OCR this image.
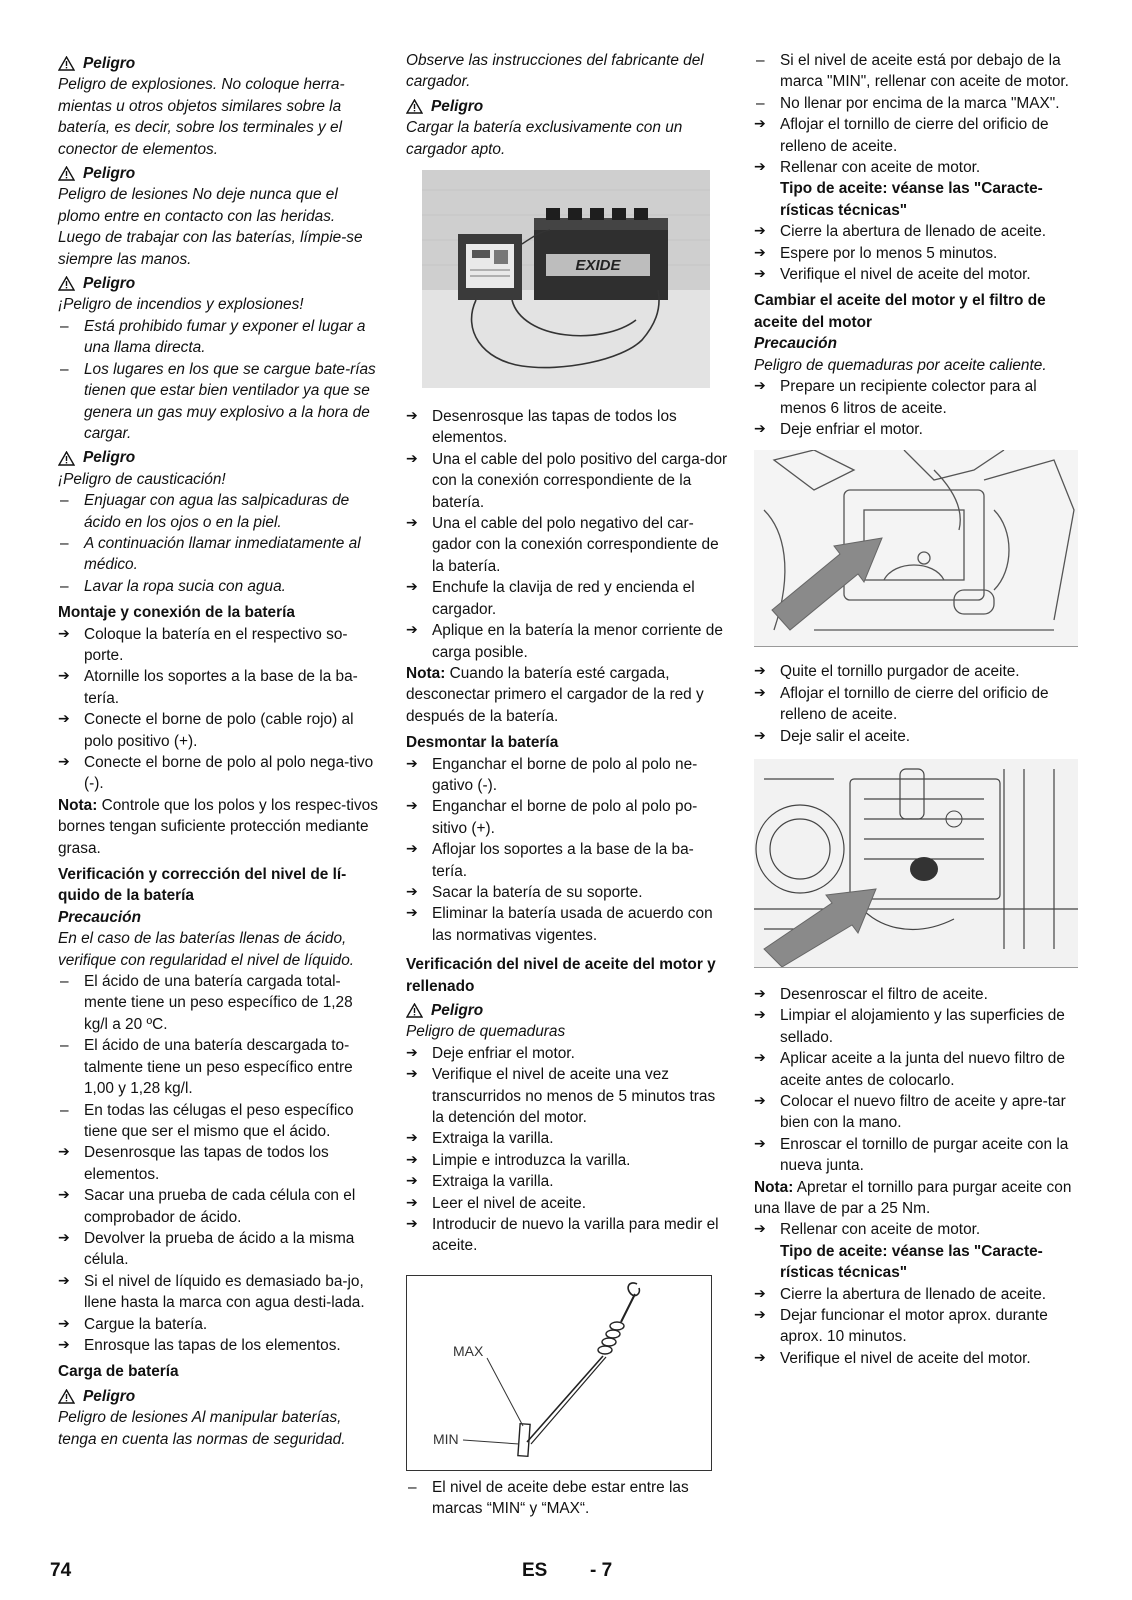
Peligro
Peligro de explosiones. No coloque herra-mientas u otros objetos similares sobre la batería, es decir, sobre los terminales y el conector de elementos.
Peligro
Peligro de lesiones No deje nunca que el plomo entre en contacto con las heridas. Luego de trabajar con las baterías, límpie-se siempre las manos.
Peligro
¡Peligro de incendios y explosiones!
– Está prohibido fumar y exponer el lugar a una llama directa.
– Los lugares en los que se cargue bate-rías tienen que estar bien ventilador ya que se genera un gas muy explosivo a la hora de cargar.
Peligro
¡Peligro de causticación!
– Enjuagar con agua las salpicaduras de ácido en los ojos o en la piel.
– A continuación llamar inmediatamente al médico.
– Lavar la ropa sucia con agua.
Montaje y conexión de la batería
➔ Coloque la batería en el respectivo so-porte.
➔ Atornille los soportes a la base de la ba-tería.
➔ Conecte el borne de polo (cable rojo) al polo positivo (+).
➔ Conecte el borne de polo al polo nega-tivo (-).
Nota: Controle que los polos y los respec-tivos bornes tengan suficiente protección mediante grasa.
Verificación y corrección del nivel de lí-quido de la batería
Precaución
En el caso de las baterías llenas de ácido, verifique con regularidad el nivel de líquido.
– El ácido de una batería cargada total-mente tiene un peso específico de 1,28 kg/l a 20 ºC.
– El ácido de una batería descargada to-talmente tiene un peso específico entre 1,00 y 1,28 kg/l.
– En todas las célugas el peso específico tiene que ser el mismo que el ácido.
➔ Desenrosque las tapas de todos los elementos.
➔ Sacar una prueba de cada célula con el comprobador de ácido.
➔ Devolver la prueba de ácido a la misma célula.
➔ Si el nivel de líquido es demasiado ba-jo, llene hasta la marca con agua desti-lada.
➔ Cargue la batería.
➔ Enrosque las tapas de los elementos.
Carga de batería
Peligro
Peligro de lesiones Al manipular baterías, tenga en cuenta las normas de seguridad.
Observe las instrucciones del fabricante del cargador.
Peligro
Cargar la batería exclusivamente con un cargador apto.
EXIDE
➔ Desenrosque las tapas de todos los elementos.
➔ Una el cable del polo positivo del carga-dor con la conexión correspondiente de la batería.
➔ Una el cable del polo negativo del car-gador con la conexión correspondiente de la batería.
➔ Enchufe la clavija de red y encienda el cargador.
➔ Aplique en la batería la menor corriente de carga posible.
Nota: Cuando la batería esté cargada, desconectar primero el cargador de la red y después de la batería.
Desmontar la batería
➔ Enganchar el borne de polo al polo ne-gativo (-).
➔ Enganchar el borne de polo al polo po-sitivo (+).
➔ Aflojar los soportes a la base de la ba-tería.
➔ Sacar la batería de su soporte.
➔ Eliminar la batería usada de acuerdo con las normativas vigentes.
Verificación del nivel de aceite del motor y rellenado
Peligro
Peligro de quemaduras
➔ Deje enfriar el motor.
➔ Verifique el nivel de aceite una vez transcurridos no menos de 5 minutos tras la detención del motor.
➔ Extraiga la varilla.
➔ Limpie e introduzca la varilla.
➔ Extraiga la varilla.
➔ Leer el nivel de aceite.
➔ Introducir de nuevo la varilla para medir el aceite.
MAX
MIN
– El nivel de aceite debe estar entre las marcas “MIN“ y “MAX“.
– Si el nivel de aceite está por debajo de la marca "MIN", rellenar con aceite de motor.
– No llenar por encima de la marca "MAX".
➔ Aflojar el tornillo de cierre del orificio de relleno de aceite.
➔ Rellenar con aceite de motor.
Tipo de aceite: véanse las "Caracte-rísticas técnicas"
➔ Cierre la abertura de llenado de aceite.
➔ Espere por lo menos 5 minutos.
➔ Verifique el nivel de aceite del motor.
Cambiar el aceite del motor y el filtro de aceite del motor
Precaución
Peligro de quemaduras por aceite caliente.
➔ Prepare un recipiente colector para al menos 6 litros de aceite.
➔ Deje enfriar el motor.
➔ Quite el tornillo purgador de aceite.
➔ Aflojar el tornillo de cierre del orificio de relleno de aceite.
➔ Deje salir el aceite.
➔ Desenroscar el filtro de aceite.
➔ Limpiar el alojamiento y las superficies de sellado.
➔ Aplicar aceite a la junta del nuevo filtro de aceite antes de colocarlo.
➔ Colocar el nuevo filtro de aceite y apre-tar bien con la mano.
➔ Enroscar el tornillo de purgar aceite con la nueva junta.
Nota: Apretar el tornillo para purgar aceite con una llave de par a 25 Nm.
➔ Rellenar con aceite de motor.
Tipo de aceite: véanse las "Caracte-rísticas técnicas"
➔ Cierre la abertura de llenado de aceite.
➔ Dejar funcionar el motor aprox. durante aprox. 10 minutos.
➔ Verifique el nivel de aceite del motor.
74	ES - 7
